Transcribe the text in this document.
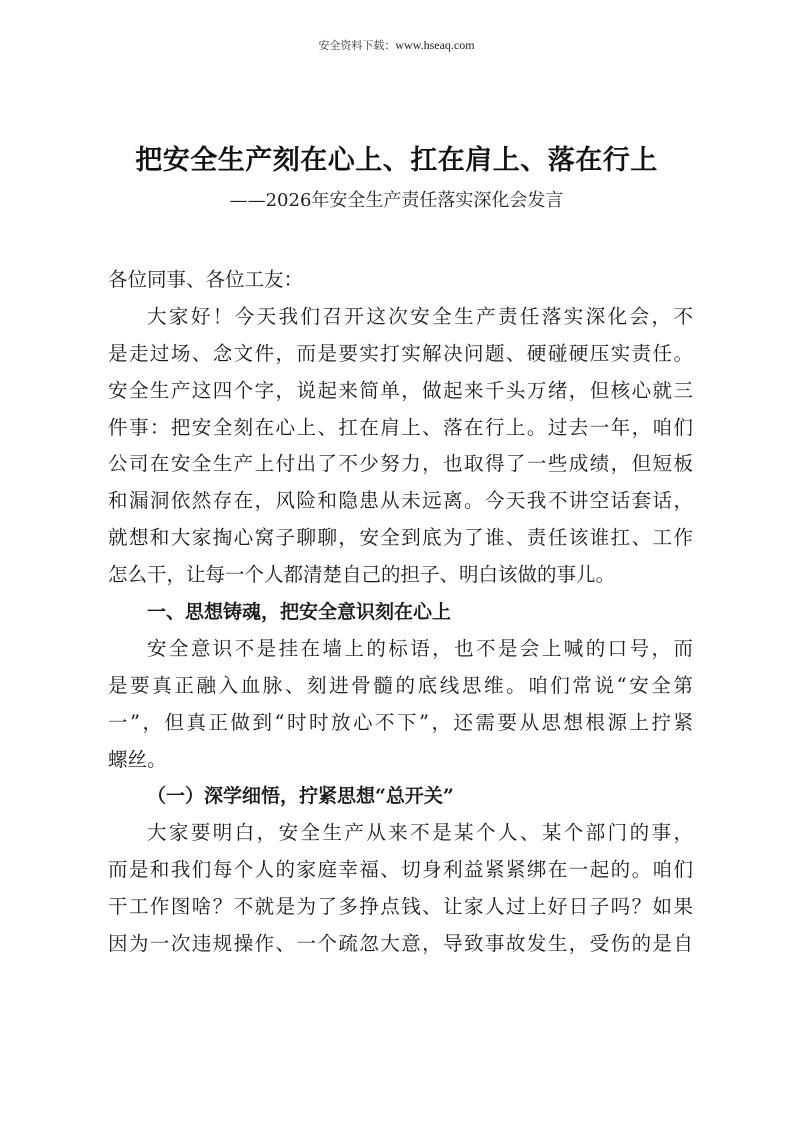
安全资料下载：www.hseaq.com
把安全生产刻在心上、扛在肩上、落在行上
——2026年安全生产责任落实深化会发言
各位同事、各位工友：
大家好！今天我们召开这次安全生产责任落实深化会，不
是走过场、念文件，而是要实打实解决问题、硬碰硬压实责任。
安全生产这四个字，说起来简单，做起来千头万绪，但核心就三
件事：把安全刻在心上、扛在肩上、落在行上。过去一年，咱们
公司在安全生产上付出了不少努力，也取得了一些成绩，但短板
和漏洞依然存在，风险和隐患从未远离。今天我不讲空话套话，
就想和大家掏心窝子聊聊，安全到底为了谁、责任该谁扛、工作
怎么干，让每一个人都清楚自己的担子、明白该做的事儿。
一、思想铸魂，把安全意识刻在心上
安全意识不是挂在墙上的标语，也不是会上喊的口号，而
是要真正融入血脉、刻进骨髓的底线思维。咱们常说“安全第
一”，但真正做到“时时放心不下”，还需要从思想根源上拧紧
螺丝。
（一）深学细悟，拧紧思想“总开关”
大家要明白，安全生产从来不是某个人、某个部门的事，
而是和我们每个人的家庭幸福、切身利益紧紧绑在一起的。咱们
干工作图啥？不就是为了多挣点钱、让家人过上好日子吗？如果
因为一次违规操作、一个疏忽大意，导致事故发生，受伤的是自
